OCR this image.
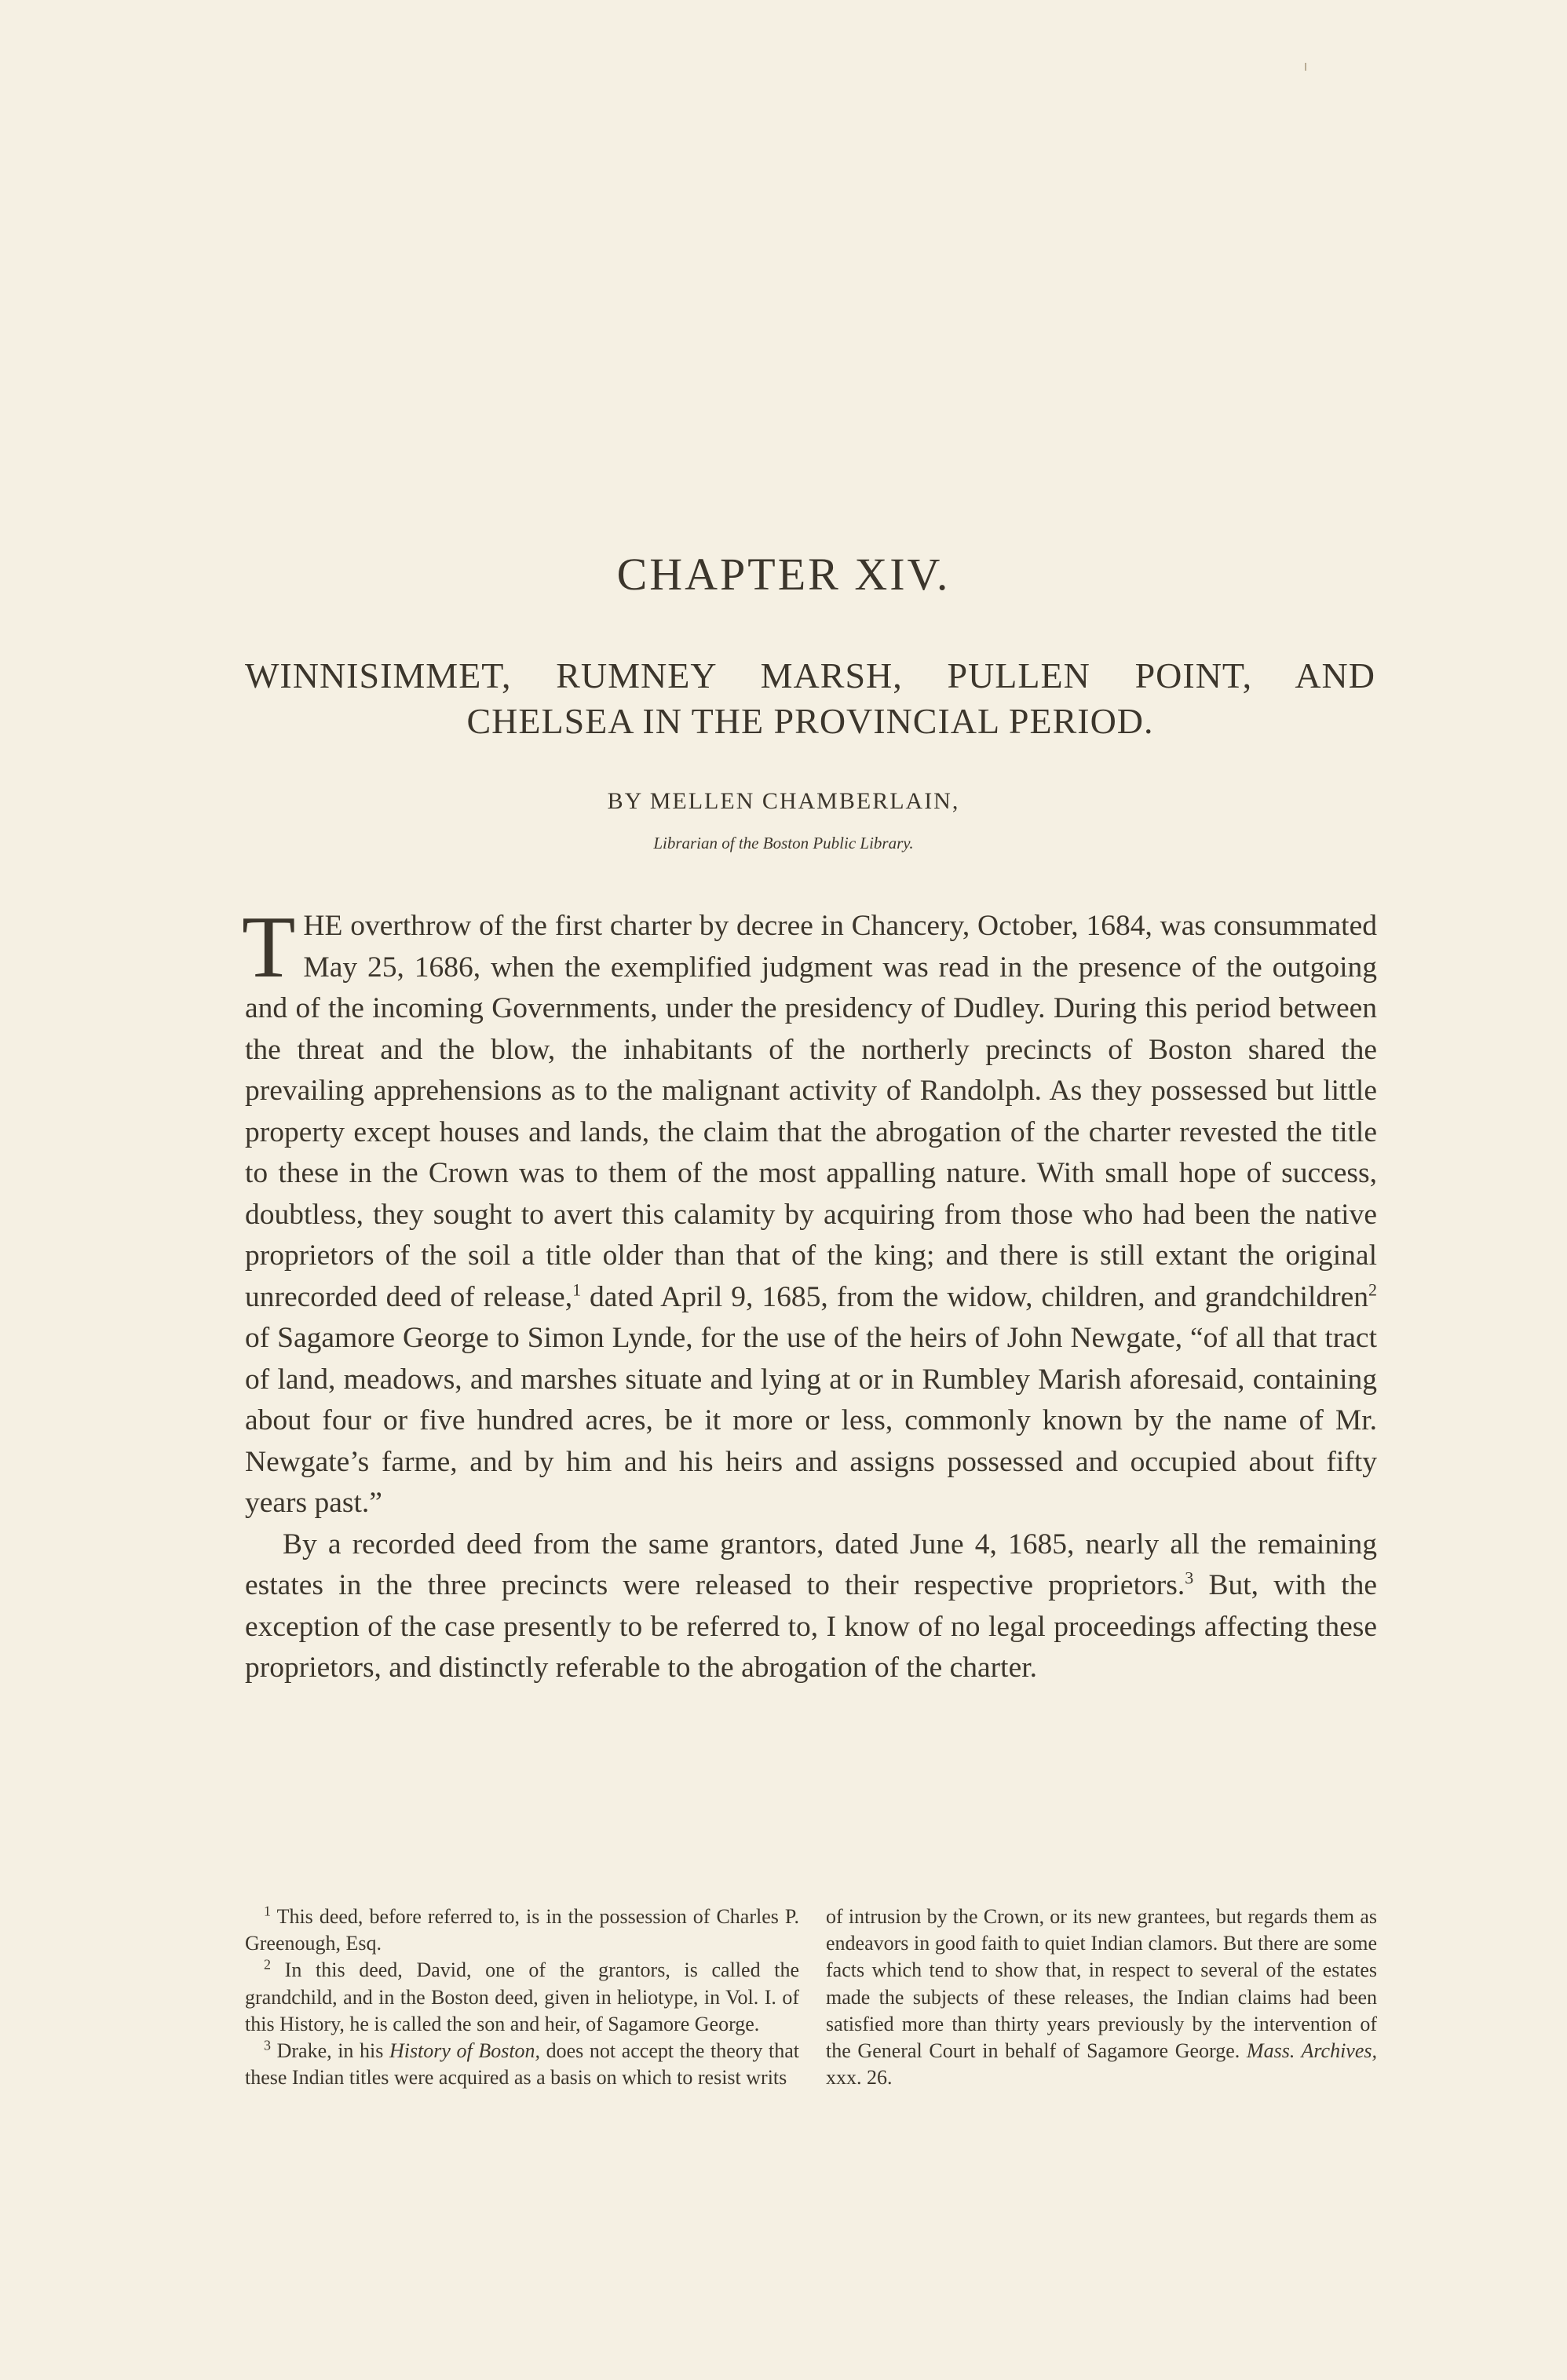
CHAPTER XIV.
WINNISIMMET, RUMNEY MARSH, PULLEN POINT, AND
CHELSEA IN THE PROVINCIAL PERIOD.
BY MELLEN CHAMBERLAIN,
Librarian of the Boston Public Library.

THE overthrow of the first charter by decree in Chancery, October, 1684, was consummated May 25, 1686, when the exemplified judgment was read in the presence of the outgoing and of the incoming Governments, under the presidency of Dudley. During this period between the threat and the blow, the inhabitants of the northerly precincts of Boston shared the prevailing apprehensions as to the malignant activity of Randolph. As they possessed but little property except houses and lands, the claim that the abrogation of the charter revested the title to these in the Crown was to them of the most appalling nature. With small hope of success, doubtless, they sought to avert this calamity by acquiring from those who had been the native proprietors of the soil a title older than that of the king; and there is still extant the original unrecorded deed of release,$^1$ dated April 9, 1685, from the widow, children, and grandchildren$^2$ of Sagamore George to Simon Lynde, for the use of the heirs of John Newgate, “of all that tract of land, meadows, and marshes situate and lying at or in Rumbley Marish aforesaid, containing about four or five hundred acres, be it more or less, commonly known by the name of Mr. Newgate’s farme, and by him and his heirs and assigns possessed and occupied about fifty years past.”

By a recorded deed from the same grantors, dated June 4, 1685, nearly all the remaining estates in the three precincts were released to their respective proprietors.$^3$ But, with the exception of the case presently to be referred to, I know of no legal proceedings affecting these proprietors, and distinctly referable to the abrogation of the charter.

$^1$ This deed, before referred to, is in the possession of Charles P. Greenough, Esq.

$^2$ In this deed, David, one of the grantors, is called the grandchild, and in the Boston deed, given in heliotype, in Vol. I. of this History, he is called the son and heir, of Sagamore George.

$^3$ Drake, in his History of Boston, does not accept the theory that these Indian titles were acquired as a basis on which to resist writs

of intrusion by the Crown, or its new grantees, but regards them as endeavors in good faith to quiet Indian clamors. But there are some facts which tend to show that, in respect to several of the estates made the subjects of these releases, the Indian claims had been satisfied more than thirty years previously by the intervention of the General Court in behalf of Sagamore George. Mass. Archives, xxx. 26.
